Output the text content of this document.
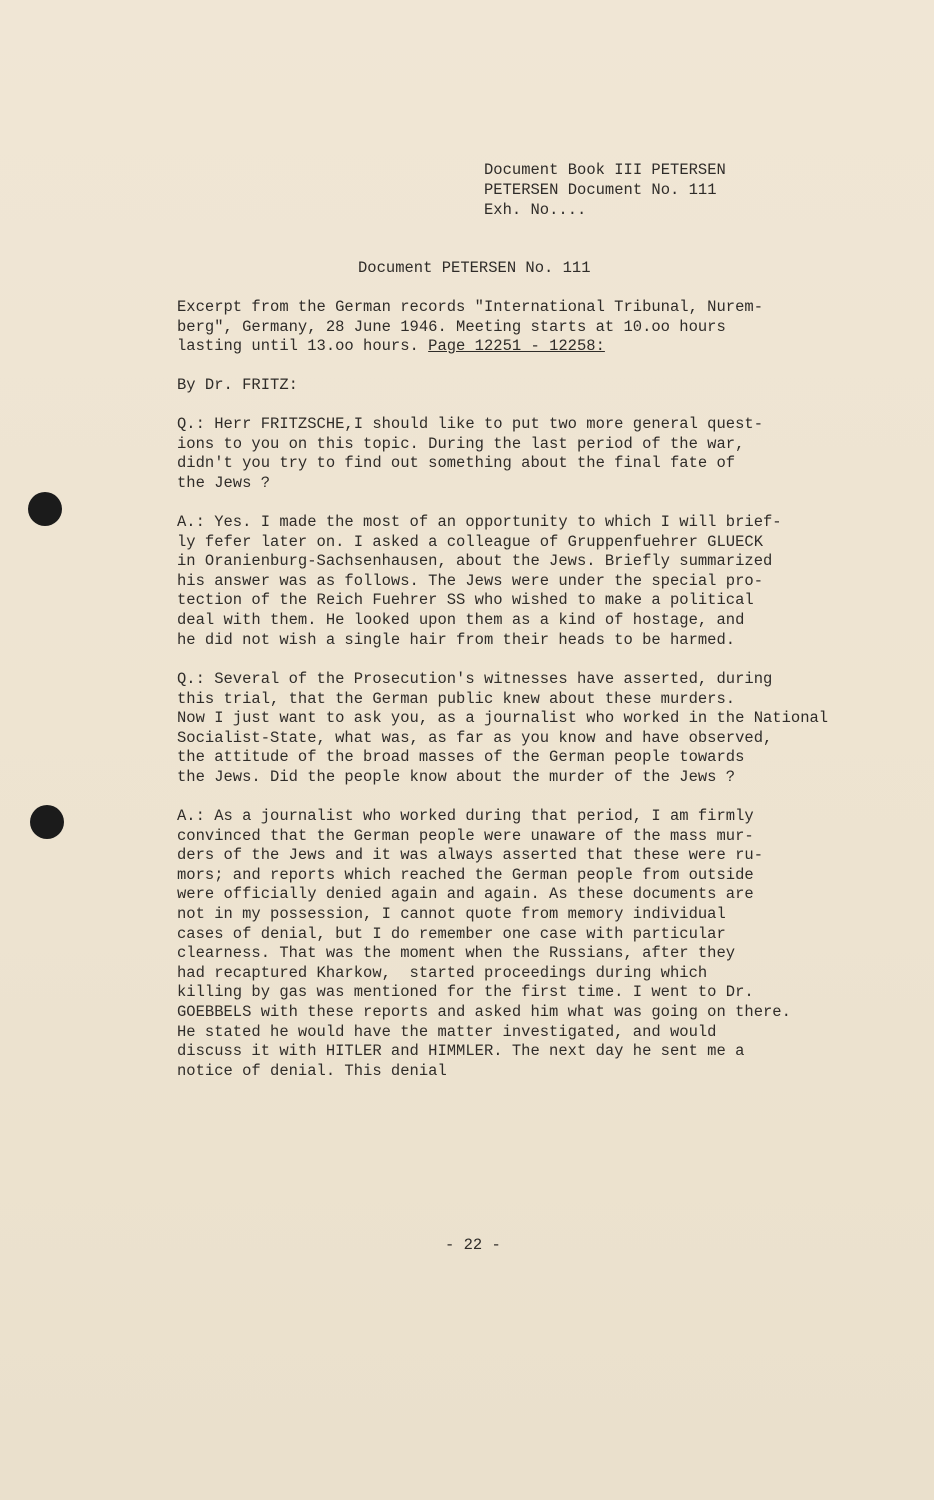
Document Book III PETERSEN
PETERSEN Document No. 111
Exh. No....
Document PETERSEN No. 111
Excerpt from the German records "International Tribunal, Nurem-
berg", Germany, 28 June 1946. Meeting starts at 10.oo hours
lasting until 13.oo hours. Page 12251 - 12258:
By Dr. FRITZ:
Q.: Herr FRITZSCHE,I should like to put two more general quest-
ions to you on this topic. During the last period of the war,
didn't you try to find out something about the final fate of
the Jews ?
A.: Yes. I made the most of an opportunity to which I will brief-
ly fefer later on. I asked a colleague of Gruppenfuehrer GLUECK
in Oranienburg-Sachsenhausen, about the Jews. Briefly summarized
his answer was as follows. The Jews were under the special pro-
tection of the Reich Fuehrer SS who wished to make a political
deal with them. He looked upon them as a kind of hostage, and
he did not wish a single hair from their heads to be harmed.
Q.: Several of the Prosecution's witnesses have asserted, during
this trial, that the German public knew about these murders.
Now I just want to ask you, as a journalist who worked in the National
Socialist-State, what was, as far as you know and have observed,
the attitude of the broad masses of the German people towards
the Jews. Did the people know about the murder of the Jews ?
A.: As a journalist who worked during that period, I am firmly
convinced that the German people were unaware of the mass mur-
ders of the Jews and it was always asserted that these were ru-
mors; and reports which reached the German people from outside
were officially denied again and again. As these documents are
not in my possession, I cannot quote from memory individual
cases of denial, but I do remember one case with particular
clearness. That was the moment when the Russians, after they
had recaptured Kharkow,  started proceedings during which
killing by gas was mentioned for the first time. I went to Dr.
GOEBBELS with these reports and asked him what was going on there.
He stated he would have the matter investigated, and would
discuss it with HITLER and HIMMLER. The next day he sent me a
notice of denial. This denial
- 22 -
